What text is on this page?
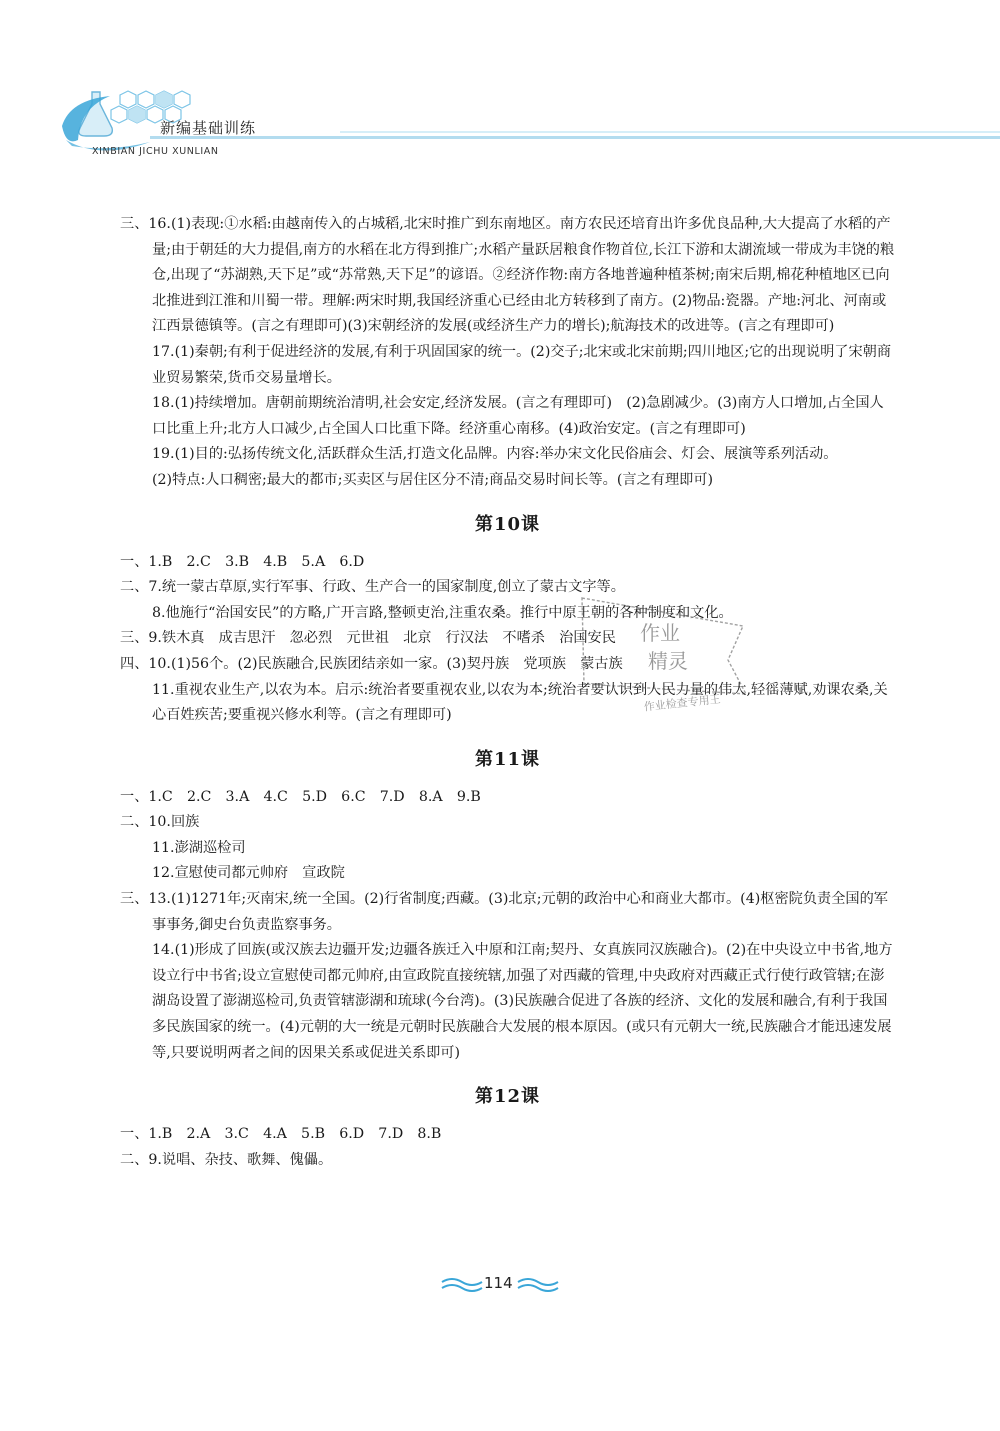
新编基础训练
XINBIAN JICHU XUNLIAN

三、16.(1)表现:①水稻:由越南传入的占城稻,北宋时推广到东南地区。南方农民还培育出许多优良品种,大大提高了水稻的产量;由于朝廷的大力提倡,南方的水稻在北方得到推广;水稻产量跃居粮食作物首位,长江下游和太湖流域一带成为丰饶的粮仓,出现了“苏湖熟,天下足”或“苏常熟,天下足”的谚语。②经济作物:南方各地普遍种植茶树;南宋后期,棉花种植地区已向北推进到江淮和川蜀一带。理解:两宋时期,我国经济重心已经由北方转移到了南方。(2)物品:瓷器。产地:河北、河南或江西景德镇等。(言之有理即可)(3)宋朝经济的发展(或经济生产力的增长);航海技术的改进等。(言之有理即可)

17.(1)秦朝;有利于促进经济的发展,有利于巩固国家的统一。(2)交子;北宋或北宋前期;四川地区;它的出现说明了宋朝商业贸易繁荣,货币交易量增长。

18.(1)持续增加。唐朝前期统治清明,社会安定,经济发展。(言之有理即可)　(2)急剧减少。(3)南方人口增加,占全国人口比重上升;北方人口减少,占全国人口比重下降。经济重心南移。(4)政治安定。(言之有理即可)

19.(1)目的:弘扬传统文化,活跃群众生活,打造文化品牌。内容:举办宋文化民俗庙会、灯会、展演等系列活动。

(2)特点:人口稠密;最大的都市;买卖区与居住区分不清;商品交易时间长等。(言之有理即可)

第10课

一、1.B　2.C　3.B　4.B　5.A　6.D

二、7.统一蒙古草原,实行军事、行政、生产合一的国家制度,创立了蒙古文字等。

8.他施行“治国安民”的方略,广开言路,整顿吏治,注重农桑。推行中原王朝的各种制度和文化。

三、9.铁木真　成吉思汗　忽必烈　元世祖　北京　行汉法　不嗜杀　治国安民

四、10.(1)56个。(2)民族融合,民族团结亲如一家。(3)契丹族　党项族　蒙古族

11.重视农业生产,以农为本。启示:统治者要重视农业,以农为本;统治者要认识到人民力量的伟大,轻徭薄赋,劝课农桑,关心百姓疾苦;要重视兴修水利等。(言之有理即可)

第11课

一、1.C　2.C　3.A　4.C　5.D　6.C　7.D　8.A　9.B

二、10.回族

11.澎湖巡检司

12.宣慰使司都元帅府　宣政院

三、13.(1)1271年;灭南宋,统一全国。(2)行省制度;西藏。(3)北京;元朝的政治中心和商业大都市。(4)枢密院负责全国的军事事务,御史台负责监察事务。

14.(1)形成了回族(或汉族去边疆开发;边疆各族迁入中原和江南;契丹、女真族同汉族融合)。(2)在中央设立中书省,地方设立行中书省;设立宣慰使司都元帅府,由宣政院直接统辖,加强了对西藏的管理,中央政府对西藏正式行使行政管辖;在澎湖岛设置了澎湖巡检司,负责管辖澎湖和琉球(今台湾)。(3)民族融合促进了各族的经济、文化的发展和融合,有利于我国多民族国家的统一。(4)元朝的大一统是元朝时民族融合大发展的根本原因。(或只有元朝大一统,民族融合才能迅速发展等,只要说明两者之间的因果关系或促进关系即可)

第12课

一、1.B　2.A　3.C　4.A　5.B　6.D　7.D　8.B

二、9.说唱、杂技、歌舞、傀儡。

作业
精灵
作业检查专用王
114
